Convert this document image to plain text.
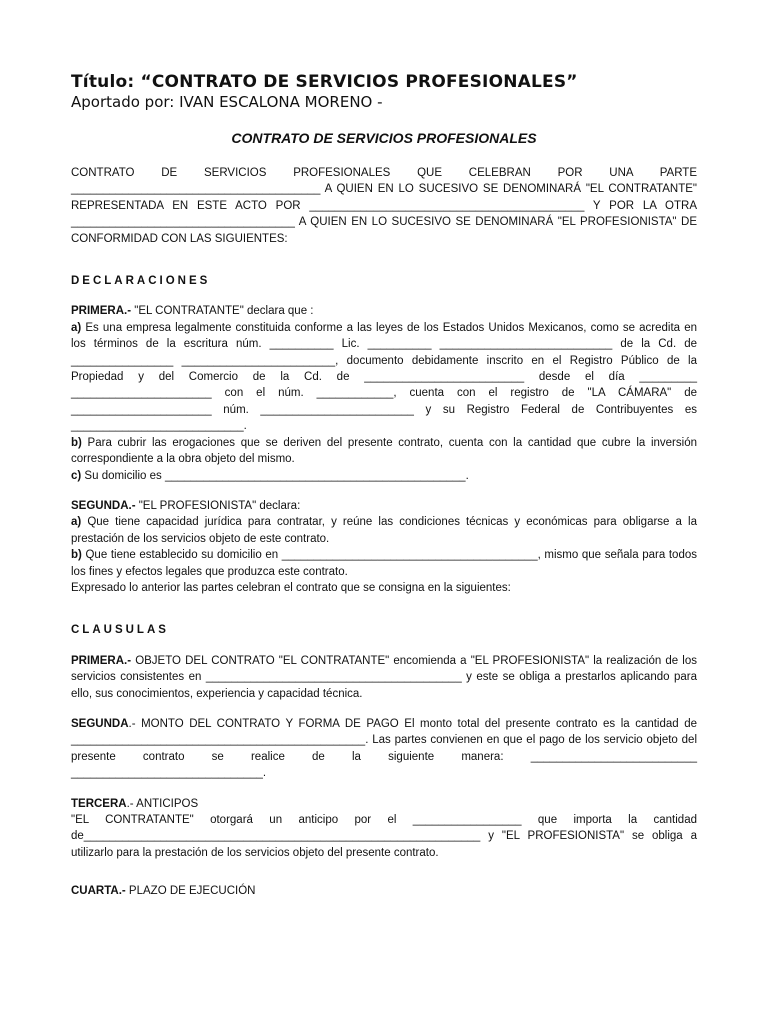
Título: “CONTRATO DE SERVICIOS PROFESIONALES”
Aportado por: IVAN ESCALONA MORENO -
CONTRATO DE SERVICIOS PROFESIONALES

CONTRATO DE SERVICIOS PROFESIONALES QUE CELEBRAN POR UNA PARTE _______________________________________ A QUIEN EN LO SUCESIVO SE DENOMINARÁ "EL CONTRATANTE" REPRESENTADA EN ESTE ACTO POR ___________________________________________ Y POR LA OTRA ___________________________________ A QUIEN EN LO SUCESIVO SE DENOMINARÁ "EL PROFESIONISTA" DE CONFORMIDAD CON LAS SIGUIENTES:

DECLARACIONES

PRIMERA.- "EL CONTRATANTE" declara que :

a) Es una empresa legalmente constituida conforme a las leyes de los Estados Unidos Mexicanos, como se acredita en los términos de la escritura núm. __________ Lic. __________ ___________________________ de la Cd. de ________________ ________________________, documento debidamente inscrito en el Registro Público de la Propiedad y del Comercio de la Cd. de _________________________ desde el día _________ ______________________ con el núm. ____________, cuenta con el registro de "LA CÁMARA" de ______________________ núm. ________________________ y su Registro Federal de Contribuyentes es ___________________________.

b) Para cubrir las erogaciones que se deriven del presente contrato, cuenta con la cantidad que cubre la inversión correspondiente a la obra objeto del mismo.

c) Su domicilio es _______________________________________________.

SEGUNDA.- "EL PROFESIONISTA" declara:

a) Que tiene capacidad jurídica para contratar, y reúne las condiciones técnicas y económicas para obligarse a la prestación de los servicios objeto de este contrato.

b) Que tiene establecido su domicilio en ________________________________________, mismo que señala para todos los fines y efectos legales que produzca este contrato.

Expresado lo anterior las partes celebran el contrato que se consigna en la siguientes:

CLAUSULAS

PRIMERA.- OBJETO DEL CONTRATO "EL CONTRATANTE" encomienda a "EL PROFESIONISTA" la realización de los servicios consistentes en ________________________________________ y este se obliga a prestarlos aplicando para ello, sus conocimientos, experiencia y capacidad técnica.

SEGUNDA.- MONTO DEL CONTRATO Y FORMA DE PAGO El monto total del presente contrato es la cantidad de ______________________________________________. Las partes convienen en que el pago de los servicio objeto del presente contrato se realice de la siguiente manera: __________________________ ______________________________.

TERCERA.- ANTICIPOS

"EL CONTRATANTE" otorgará un anticipo por el _________________ que importa la cantidad de______________________________________________________________ y "EL PROFESIONISTA" se obliga a utilizarlo para la prestación de los servicios objeto del presente contrato.

CUARTA.- PLAZO DE EJECUCIÓN
